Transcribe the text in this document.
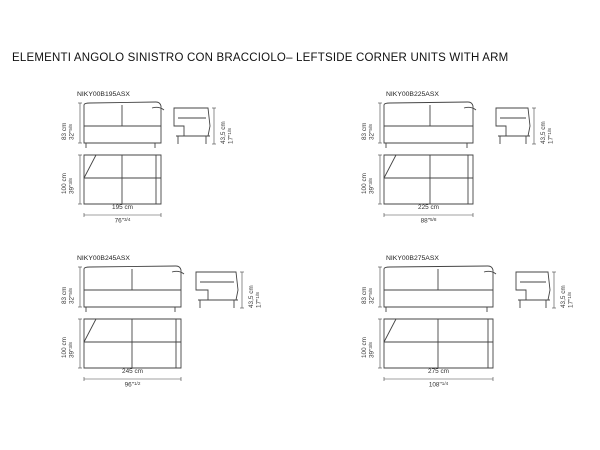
ELEMENTI ANGOLO SINISTRO CON BRACCIOLO– LEFTSIDE CORNER UNITS WITH ARM
NIKY00B195ASX
83 cm 32"$^{5/8}$
100 cm 39"$^{3/8}$
43,5 cm 17"$^{1/8}$
195 cm
76"$^{3/4}$
NIKY00B225ASX
83 cm 32"$^{5/8}$
100 cm 39"$^{3/8}$
43,5 cm 17"$^{1/8}$
225 cm
88"$^{5/8}$
NIKY00B245ASX
83 cm 32"$^{5/8}$
100 cm 39"$^{3/8}$
43,5 cm 17"$^{1/8}$
245 cm
96"$^{1/2}$
NIKY00B275ASX
83 cm 32"$^{5/8}$
100 cm 39"$^{3/8}$
43,5 cm 17"$^{1/8}$
275 cm
108"$^{1/4}$
